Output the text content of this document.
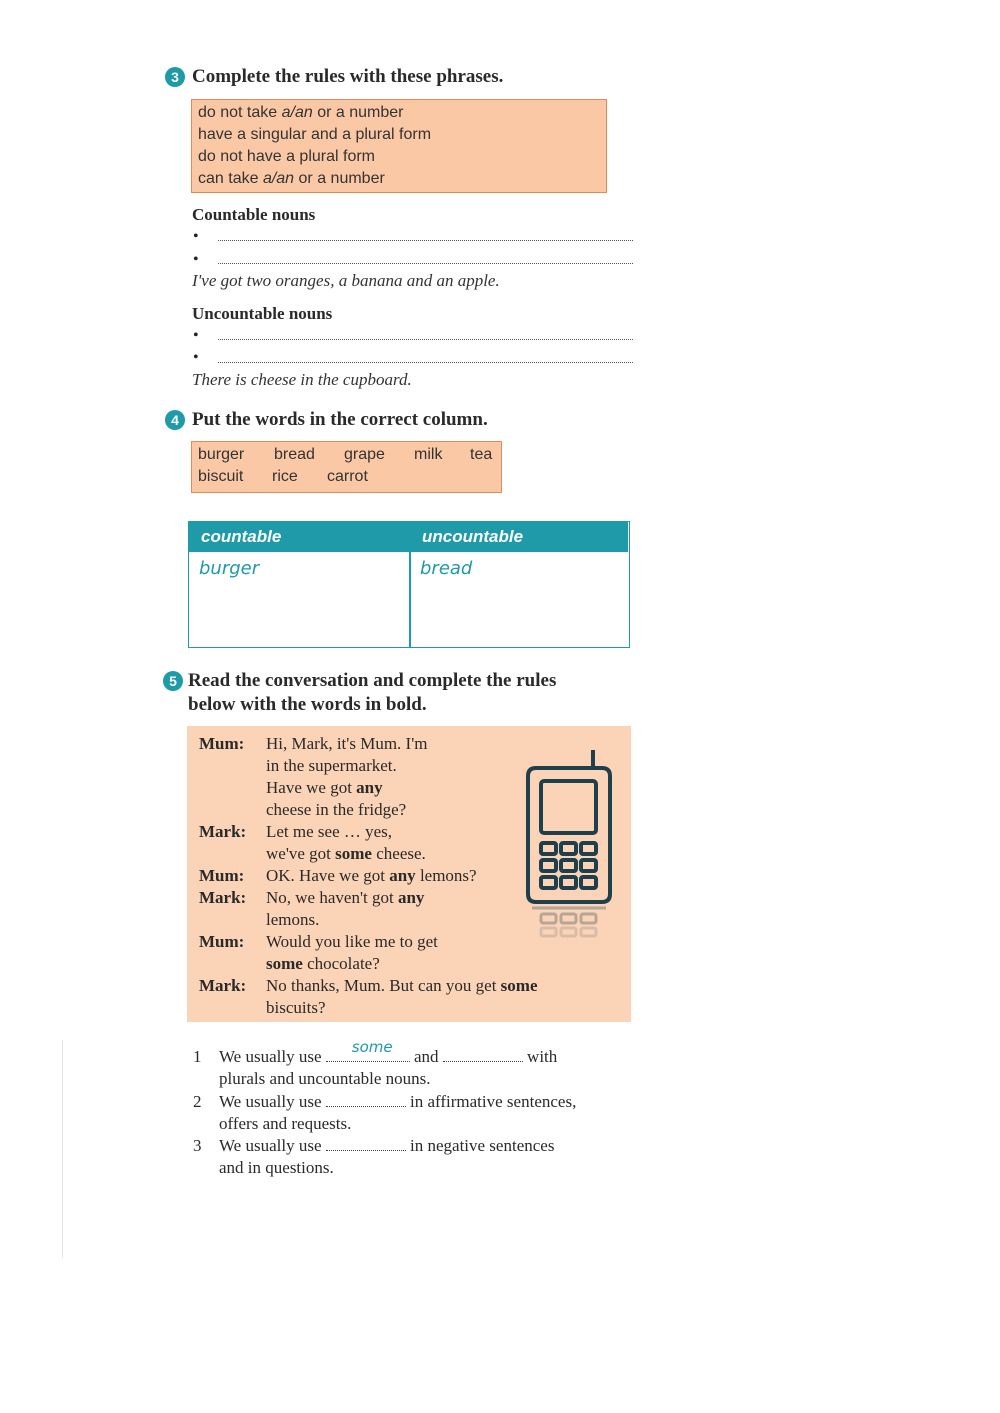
3 Complete the rules with these phrases.
do not take a/an or a number
have a singular and a plural form
do not have a plural form
can take a/an or a number
Countable nouns
•
•
I've got two oranges, a banana and an apple.
Uncountable nouns
•
•
There is cheese in the cupboard.
4 Put the words in the correct column.
burger bread grape milk tea
biscuit rice carrot
countable	uncountable
burger	bread
5 Read the conversation and complete the rules
below with the words in bold.
Mum: Hi, Mark, it's Mum. I'm
in the supermarket.
Have we got any
cheese in the fridge?
Mark: Let me see … yes,
we've got some cheese.
Mum: OK. Have we got any lemons?
Mark: No, we haven't got any
lemons.
Mum: Would you like me to get
some chocolate?
Mark: No thanks, Mum. But can you get some
biscuits?
1 We usually use some and	with
plurals and uncountable nouns.
2 We usually use	in affirmative sentences,
offers and requests.
3 We usually use	in negative sentences
and in questions.
